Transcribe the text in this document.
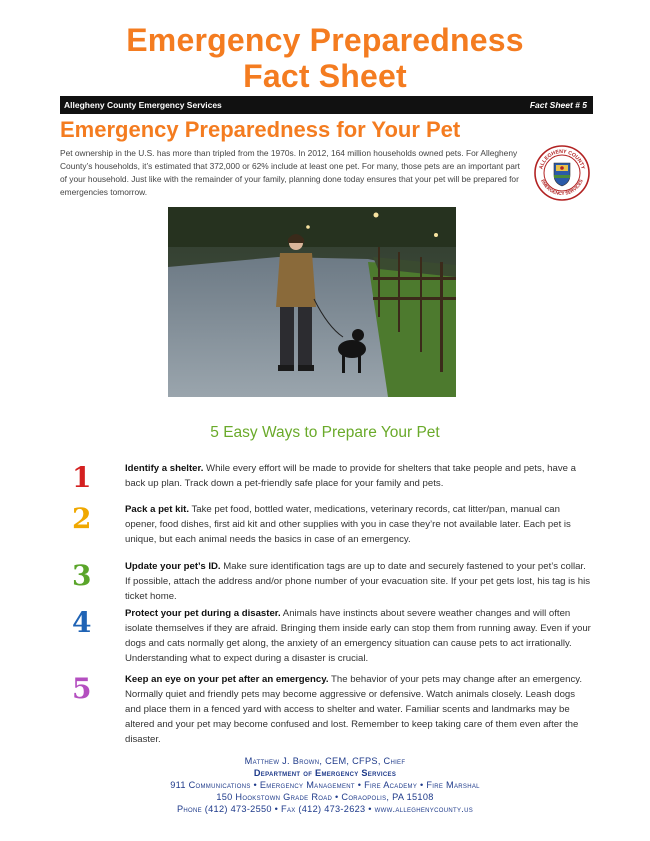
Emergency Preparedness
Fact Sheet
Allegheny County Emergency Services	Fact Sheet # 5
Emergency Preparedness for Your Pet
Pet ownership in the U.S. has more than tripled from the 1970s. In 2012, 164 million households owned pets. For Allegheny County’s households, it’s estimated that 372,000 or 62% include at least one pet. For many, those pets are an important part of your household. Just like with the remainder of your family, planning done today ensures that your pet will be prepared for emergencies tomorrow.
ALLEGHENY COUNTY
EMERGENCY SERVICES
5 Easy Ways to Prepare Your Pet
1	Identify a shelter. While every effort will be made to provide for shelters that take people and pets, have a back up plan. Track down a pet-friendly safe place for your family and pets.
2	Pack a pet kit. Take pet food, bottled water, medications, veterinary records, cat litter/pan, manual can opener, food dishes, first aid kit and other supplies with you in case they’re not available later. Each pet is unique, but each animal needs the basics in case of an emergency.
3	Update your pet’s ID. Make sure identification tags are up to date and securely fastened to your pet’s collar. If possible, attach the address and/or phone number of your evacuation site. If your pet gets lost, his tag is his ticket home.
4	Protect your pet during a disaster. Animals have instincts about severe weather changes and will often isolate themselves if they are afraid. Bringing them inside early can stop them from running away. Even if your dogs and cats normally get along, the anxiety of an emergency situation can cause pets to act irrationally. Understanding what to expect during a disaster is crucial.
5	Keep an eye on your pet after an emergency. The behavior of your pets may change after an emergency. Normally quiet and friendly pets may become aggressive or defensive. Watch animals closely. Leash dogs and place them in a fenced yard with access to shelter and water. Familiar scents and landmarks may be altered and your pet may become confused and lost. Remember to keep taking care of them even after the disaster.
Matthew J. Brown, CEM, CFPS, Chief
Department of Emergency Services
911 Communications • Emergency Management • Fire Academy • Fire Marshal
150 Hookstown Grade Road • Coraopolis, PA 15108
Phone (412) 473-2550 • Fax (412) 473-2623 • www.alleghenycounty.us
